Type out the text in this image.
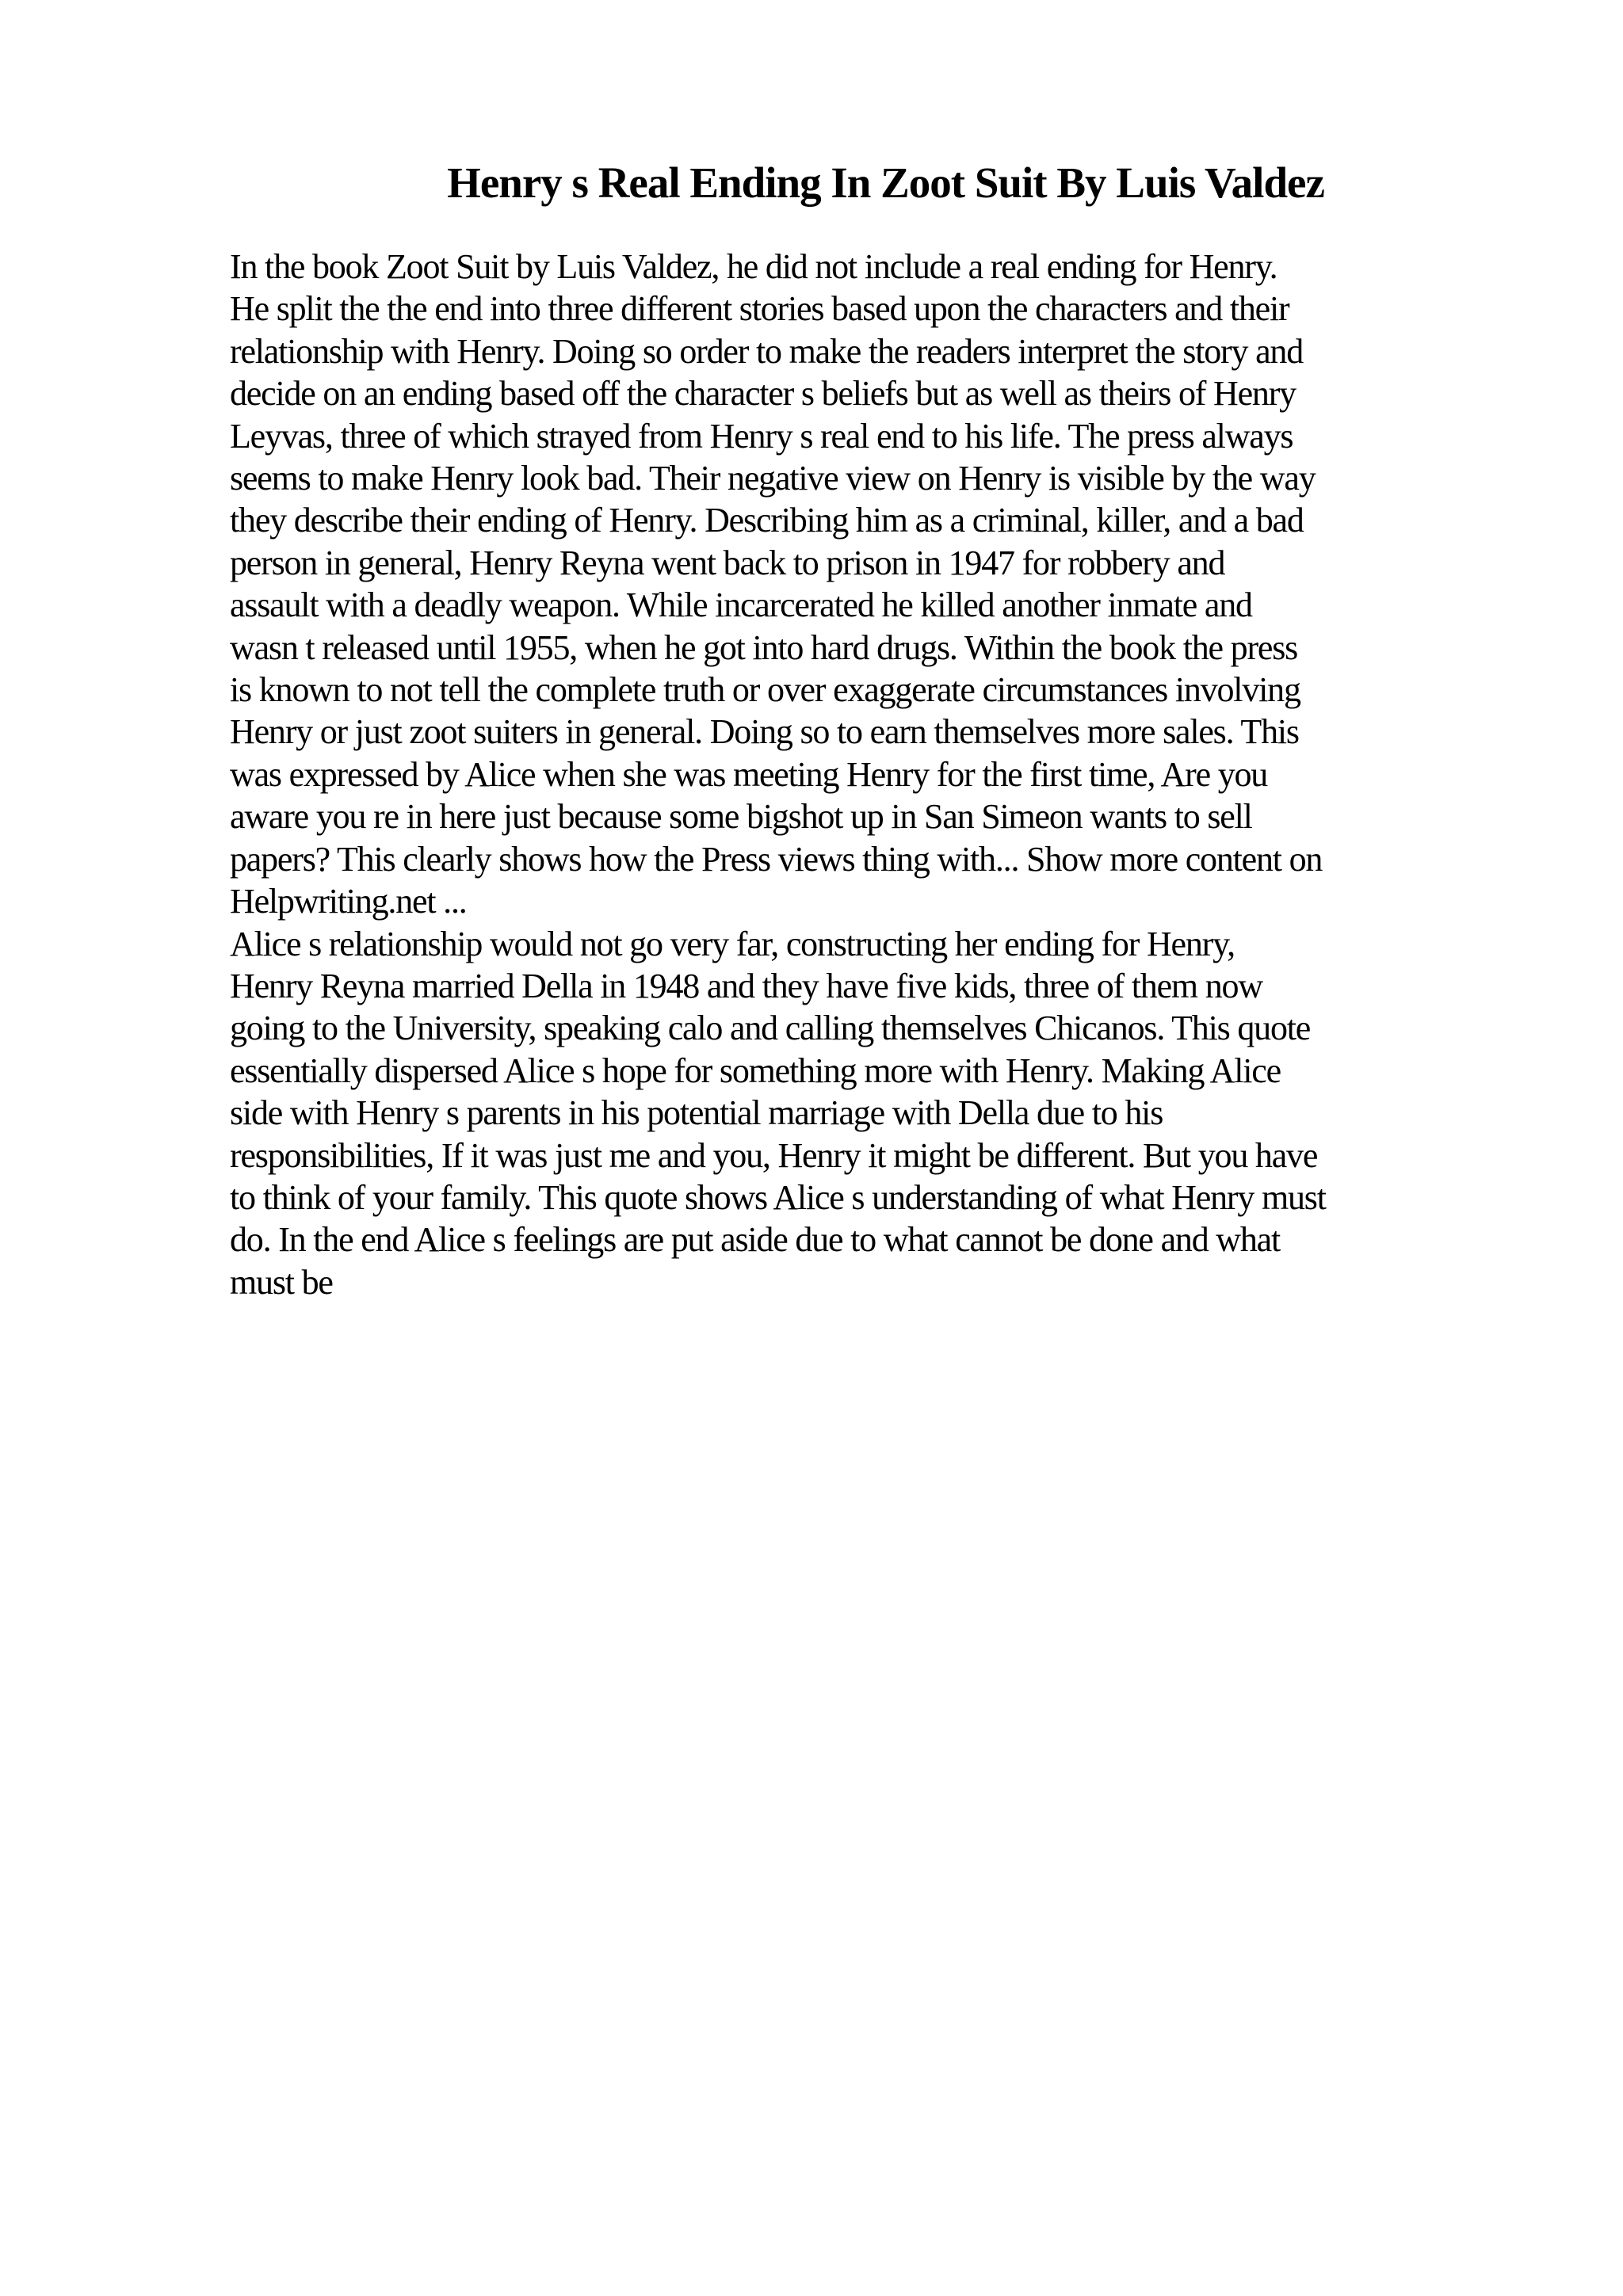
Henry s Real Ending In Zoot Suit By Luis Valdez
In the book Zoot Suit by Luis Valdez, he did not include a real ending for Henry.
He split the the end into three different stories based upon the characters and their
relationship with Henry. Doing so order to make the readers interpret the story and
decide on an ending based off the character s beliefs but as well as theirs of Henry
Leyvas, three of which strayed from Henry s real end to his life. The press always
seems to make Henry look bad. Their negative view on Henry is visible by the way
they describe their ending of Henry. Describing him as a criminal, killer, and a bad
person in general, Henry Reyna went back to prison in 1947 for robbery and
assault with a deadly weapon. While incarcerated he killed another inmate and
wasn t released until 1955, when he got into hard drugs. Within the book the press
is known to not tell the complete truth or over exaggerate circumstances involving
Henry or just zoot suiters in general. Doing so to earn themselves more sales. This
was expressed by Alice when she was meeting Henry for the first time, Are you
aware you re in here just because some bigshot up in San Simeon wants to sell
papers? This clearly shows how the Press views thing with... Show more content on
Helpwriting.net ...
Alice s relationship would not go very far, constructing her ending for Henry,
Henry Reyna married Della in 1948 and they have five kids, three of them now
going to the University, speaking calo and calling themselves Chicanos. This quote
essentially dispersed Alice s hope for something more with Henry. Making Alice
side with Henry s parents in his potential marriage with Della due to his
responsibilities, If it was just me and you, Henry it might be different. But you have
to think of your family. This quote shows Alice s understanding of what Henry must
do. In the end Alice s feelings are put aside due to what cannot be done and what
must be
